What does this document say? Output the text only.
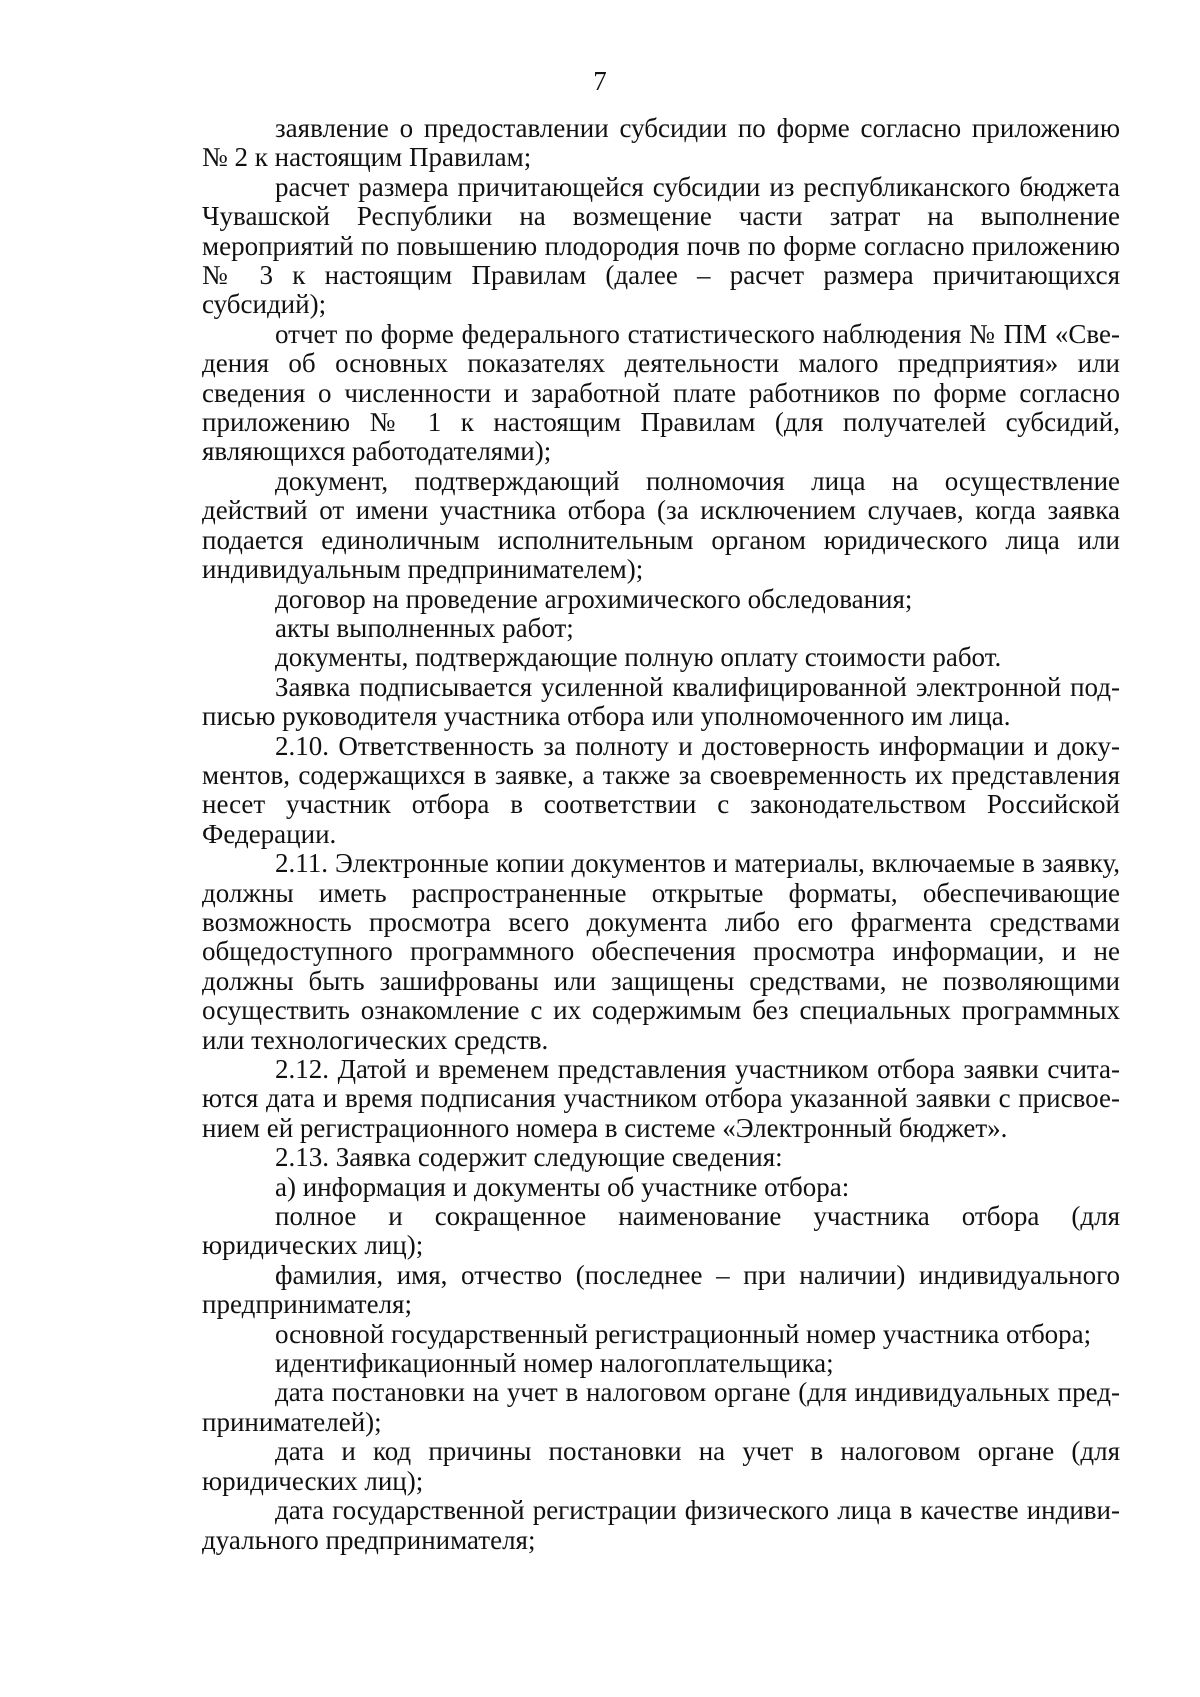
7

заявление о предоставлении субсидии по форме согласно приложению № 2 к настоящим Правилам;

расчет размера причитающейся субсидии из республиканского бюджета Чувашской Республики на возмещение части затрат на выполнение мероприятий по повышению плодородия почв по форме согласно приложению № 3 к настоящим Правилам (далее – расчет размера причитающихся субсидий);

отчет по форме федерального статистического наблюдения № ПМ «Сведения об основных показателях деятельности малого предприятия» или сведения о численности и заработной плате работников по форме согласно приложению № 1 к настоящим Правилам (для получателей субсидий, являющихся работодателями);

документ, подтверждающий полномочия лица на осуществление действий от имени участника отбора (за исключением случаев, когда заявка подается единоличным исполнительным органом юридического лица или индивидуальным предпринимателем);

договор на проведение агрохимического обследования;

акты выполненных работ;

документы, подтверждающие полную оплату стоимости работ.

Заявка подписывается усиленной квалифицированной электронной подписью руководителя участника отбора или уполномоченного им лица.

2.10. Ответственность за полноту и достоверность информации и документов, содержащихся в заявке, а также за своевременность их представления несет участник отбора в соответствии с законодательством Российской Федерации.

2.11. Электронные копии документов и материалы, включаемые в заявку, должны иметь распространенные открытые форматы, обеспечивающие возможность просмотра всего документа либо его фрагмента средствами общедоступного программного обеспечения просмотра информации, и не должны быть зашифрованы или защищены средствами, не позволяющими осуществить ознакомление с их содержимым без специальных программных или технологических средств.

2.12. Датой и временем представления участником отбора заявки считаются дата и время подписания участником отбора указанной заявки с присвоением ей регистрационного номера в системе «Электронный бюджет».

2.13. Заявка содержит следующие сведения:

а) информация и документы об участнике отбора:

полное и сокращенное наименование участника отбора (для юридических лиц);

фамилия, имя, отчество (последнее – при наличии) индивидуального предпринимателя;

основной государственный регистрационный номер участника отбора;

идентификационный номер налогоплательщика;

дата постановки на учет в налоговом органе (для индивидуальных предпринимателей);

дата и код причины постановки на учет в налоговом органе (для юридических лиц);

дата государственной регистрации физического лица в качестве индивидуального предпринимателя;
